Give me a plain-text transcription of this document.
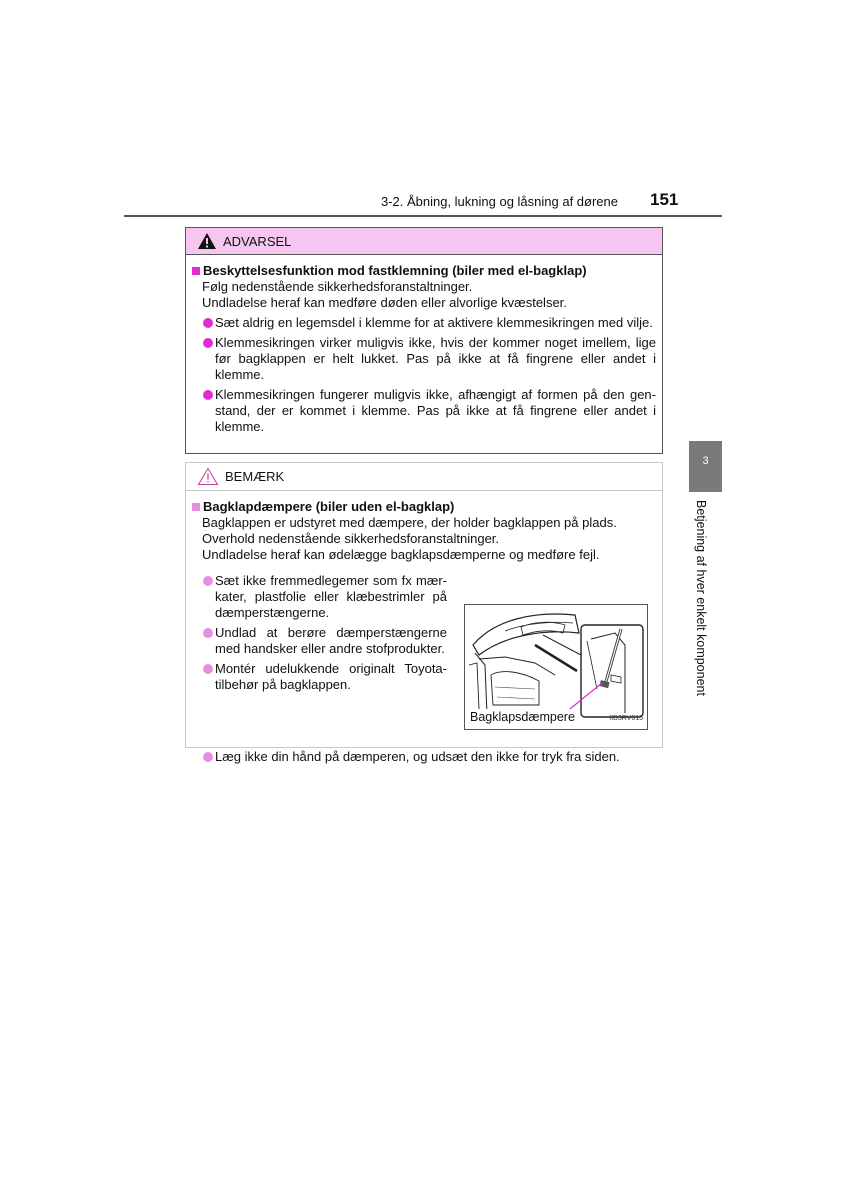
3-2. Åbning, lukning og låsning af dørene 151
3
Betjening af hver enkelt komponent
ADVARSEL
Beskyttelsesfunktion mod fastklemning (biler med el-bagklap)
Følg nedenstående sikkerhedsforanstaltninger.
Undladelse heraf kan medføre døden eller alvorlige kvæstelser.
Sæt aldrig en legemsdel i klemme for at aktivere klemmesikringen med vilje.
Klemmesikringen virker muligvis ikke, hvis der kommer noget imellem, lige før bagklappen er helt lukket. Pas på ikke at få fingrene eller andet i klemme.
Klemmesikringen fungerer muligvis ikke, afhængigt af formen på den gen-stand, der er kommet i klemme. Pas på ikke at få fingrene eller andet i klemme.
BEMÆRK
Bagklapdæmpere (biler uden el-bagklap)
Bagklappen er udstyret med dæmpere, der holder bagklappen på plads.
Overhold nedenstående sikkerhedsforanstaltninger.
Undladelse heraf kan ødelægge bagklapsdæmperne og medføre fejl.
Sæt ikke fremmedlegemer som fx mær-kater, plastfolie eller klæbestrimler på dæmperstængerne.
Undlad at berøre dæmperstængerne med handsker eller andre stofprodukter.
Montér udelukkende originalt Toyota-tilbehør på bagklappen.
Bagklapsdæmpere	IIB3RV015
Læg ikke din hånd på dæmperen, og udsæt den ikke for tryk fra siden.
